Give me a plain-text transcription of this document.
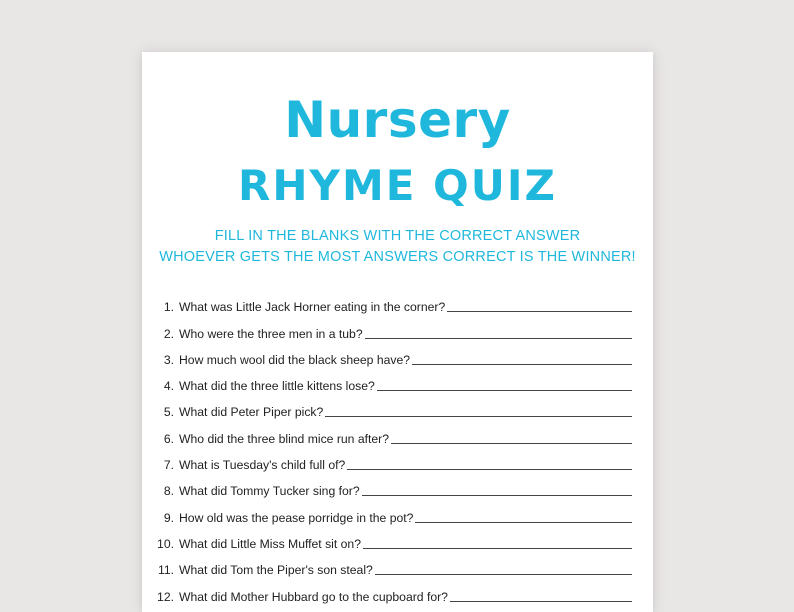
Nursery
RHYME QUIZ
FILL IN THE BLANKS WITH THE CORRECT ANSWER
WHOEVER GETS THE MOST ANSWERS CORRECT IS THE WINNER!
1. What was Little Jack Horner eating in the corner?
2. Who were the three men in a tub?
3. How much wool did the black sheep have?
4. What did the three little kittens lose?
5. What did Peter Piper pick?
6. Who did the three blind mice run after?
7. What is Tuesday's child full of?
8. What did Tommy Tucker sing for?
9. How old was the pease porridge in the pot?
10. What did Little Miss Muffet sit on?
11. What did Tom the Piper's son steal?
12. What did Mother Hubbard go to the cupboard for?
